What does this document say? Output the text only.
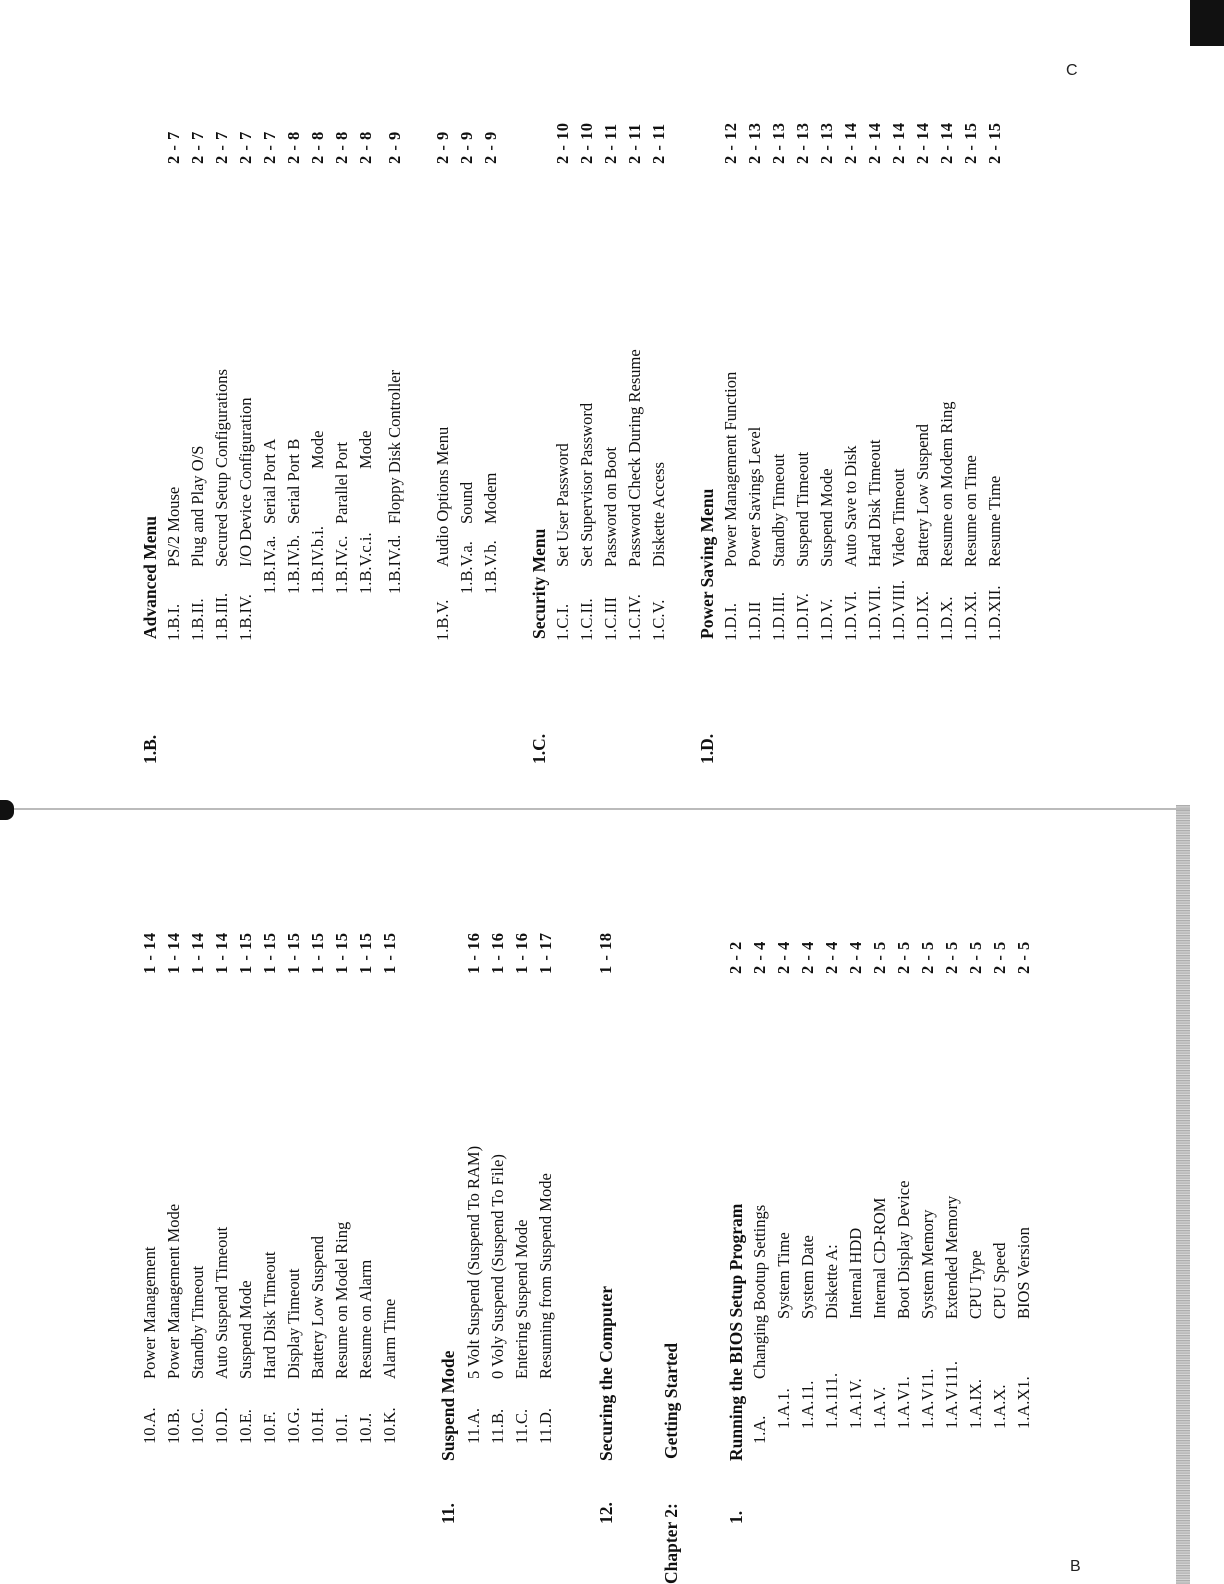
C
B
10.A.
Power Management
1 - 14
10.B.
Power Management Mode
1 - 14
10.C.
Standby Timeout
1 - 14
10.D.
Auto Suspend Timeout
1 - 14
10.E.
Suspend Mode
1 - 15
10.F.
Hard Disk Timeout
1 - 15
10.G.
Display Timeout
1 - 15
10.H.
Battery Low Suspend
1 - 15
10.I.
Resume on Model Ring
1 - 15
10.J.
Resume on Alarm
1 - 15
10.K.
Alarm Time
1 - 15
11.
Suspend Mode 11.A.
5 Volt Suspend (Suspend To RAM)
1 - 16
11.B.
0 Voly Suspend (Suspend To File)
1 - 16
11.C.
Entering Suspend Mode
1 - 16
11.D.
Resuming from Suspend Mode
1 - 17
12.
Securing the Computer
1 - 18
Chapter 2:
Getting Started
1.
Running the BIOS Setup Program
2 - 2
1.A.
Changing Bootup Settings
2 - 4
1.A.1.
System Time
2 - 4
1.A.11.
System Date
2 - 4
1.A.111.
Diskette A:
2 - 4
1.A.1V.
Internal HDD
2 - 4
1.A.V.
Internal CD-ROM
2 - 5
1.A.V1.
Boot Display Device
2 - 5
1.A.V11.
System Memory
2 - 5
1.A.V111.
Extended Memory
2 - 5
1.A.IX.
CPU Type
2 - 5
1.A.X.
CPU Speed
2 - 5
1.A.X1.
BIOS Version
2 - 5
1.B.
Advanced Menu 1.B.I.
PS/2 Mouse
2 - 7
1.B.II.
Plug and Play O/S
2 - 7
1.B.III.
Secured Setup Configurations
2 - 7
1.B.IV.
I/O Device Configuration
2 - 7
1.B.IV.a.
Serial Port A
2 - 7
1.B.IV.b.
Serial Port B
2 - 8
1.B.IV.b.i.
Mode
2 - 8
1.B.IV.c.
Parallel Port
2 - 8
1.B.V.c.i.
Mode
2 - 8
1.B.IV.d.
Floppy Disk Controller
2 - 9
1.B.V.
Audio Options Menu
2 - 9
1.B.V.a.
Sound
2 - 9
1.B.V.b.
Modem
2 - 9
1.C.
Security Menu 1.C.I.
Set User Password
2 - 10
1.C.II.
Set Supervisor Password
2 - 10
1.C.III
Password on Boot
2 - 11
1.C.IV.
Password Check During Resume
2 - 11
1.C.V.
Diskette Access
2 - 11
1.D.
Power Saving Menu 1.D.I.
Power Management Function
2 - 12
1.D.II
Power Savings Level
2 - 13
1.D.III.
Standby Timeout
2 - 13
1.D.IV.
Suspend Timeout
2 - 13
1.D.V.
Suspend Mode
2 - 13
1.D.VI.
Auto Save to Disk
2 - 14
1.D.VII.
Hard Disk Timeout
2 - 14
1.D.VIII.
Video Timeout
2 - 14
1.D.IX.
Battery Low Suspend
2 - 14
1.D.X.
Resume on Modem Ring
2 - 14
1.D.XI.
Resume on Time
2 - 15
1.D.XII.
Resume Time
2 - 15
